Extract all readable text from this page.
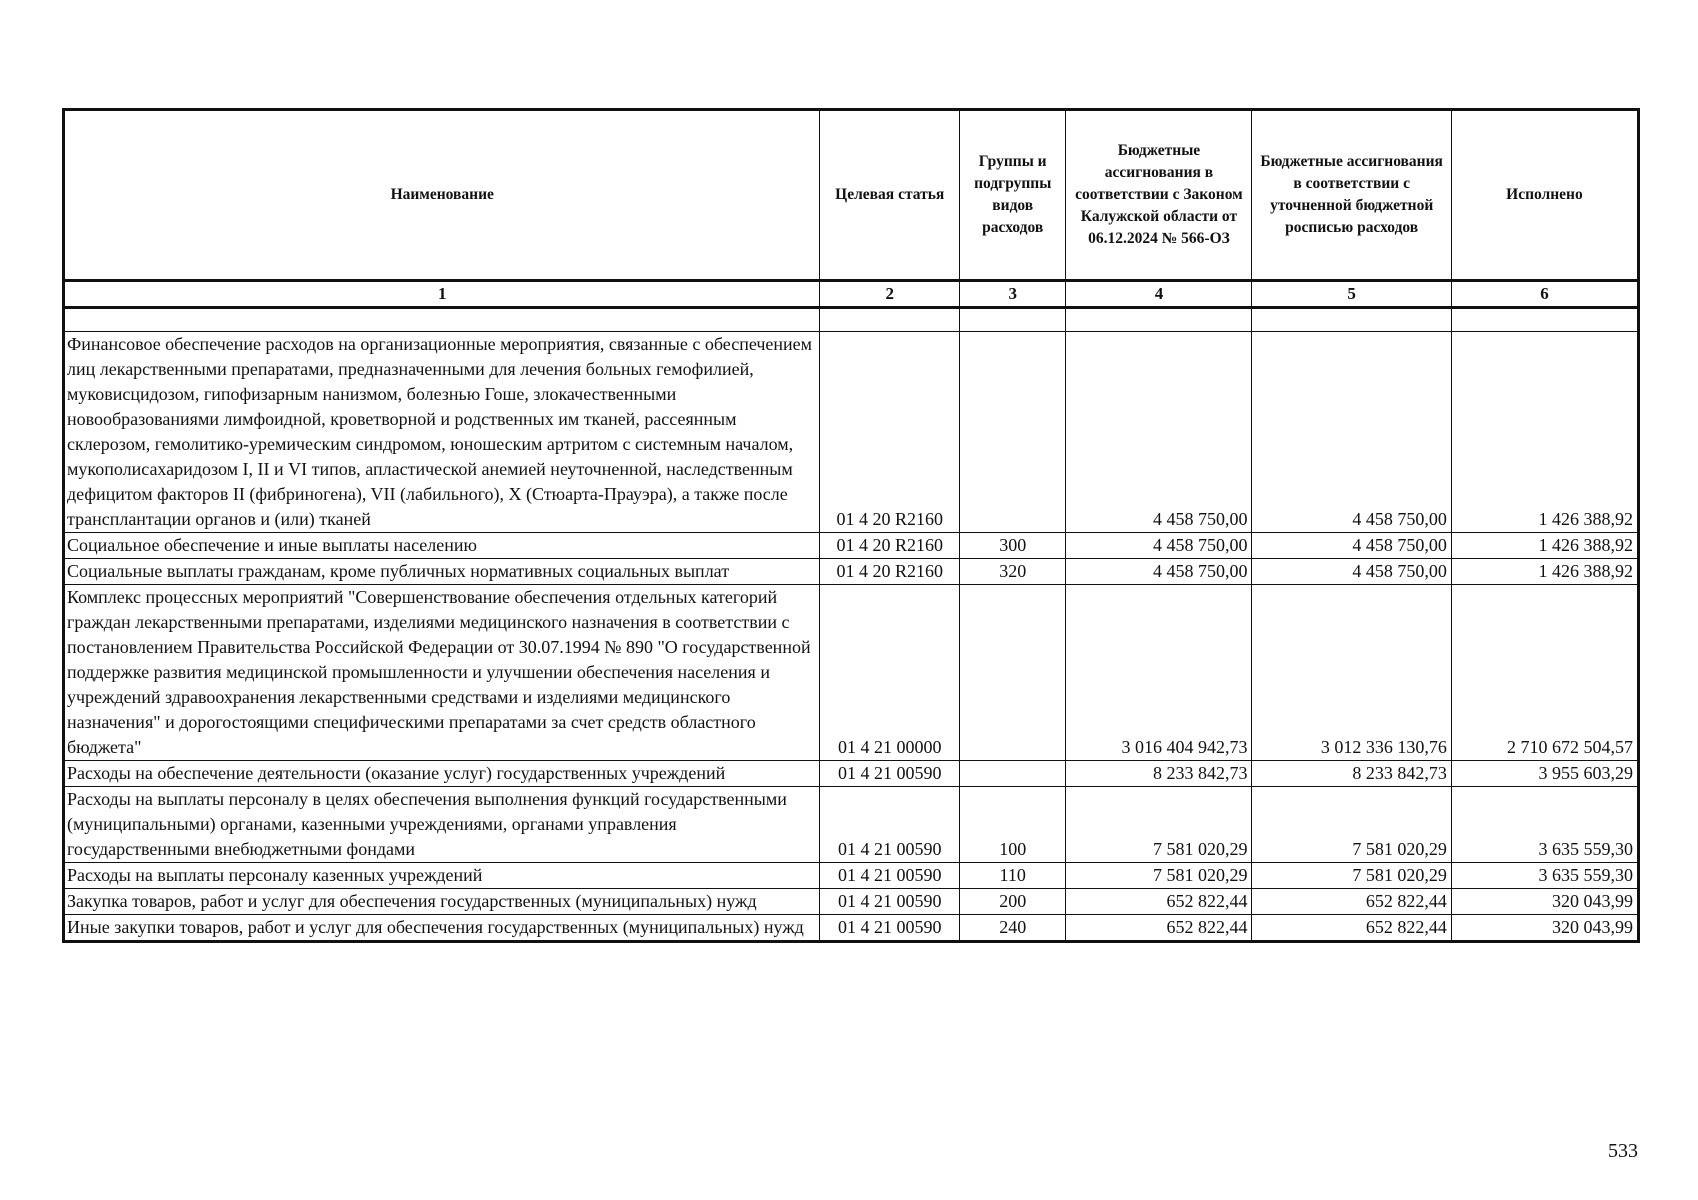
Наименование	Целевая статья	Группы и подгруппы видов расходов	Бюджетные ассигнования в соответствии с Законом Калужской области от 06.12.2024 № 566-ОЗ	Бюджетные ассигнования в соответствии с уточненной бюджетной росписью расходов	Исполнено
1	2	3	4	5	6

Финансовое обеспечение расходов на организационные мероприятия, связанные с обеспечением лиц лекарственными препаратами, предназначенными для лечения больных гемофилией, муковисцидозом, гипофизарным нанизмом, болезнью Гоше, злокачественными новообразованиями лимфоидной, кроветворной и родственных им тканей, рассеянным склерозом, гемолитико-уремическим синдромом, юношеским артритом с системным началом, мукополисахаридозом I, II и VI типов, апластической анемией неуточненной, наследственным дефицитом факторов II (фибриногена), VII (лабильного), X (Стюарта-Прауэра), а также после трансплантации органов и (или) тканей	01 4 20 R2160		4 458 750,00	4 458 750,00	1 426 388,92
Социальное обеспечение и иные выплаты населению	01 4 20 R2160	300	4 458 750,00	4 458 750,00	1 426 388,92
Социальные выплаты гражданам, кроме публичных нормативных социальных выплат	01 4 20 R2160	320	4 458 750,00	4 458 750,00	1 426 388,92
Комплекс процессных мероприятий "Совершенствование обеспечения отдельных категорий граждан лекарственными препаратами, изделиями медицинского назначения в соответствии с постановлением Правительства Российской Федерации от 30.07.1994 № 890 "О государственной поддержке развития медицинской промышленности и улучшении обеспечения населения и учреждений здравоохранения лекарственными средствами и изделиями медицинского назначения" и дорогостоящими специфическими препаратами за счет средств областного бюджета"	01 4 21 00000		3 016 404 942,73	3 012 336 130,76	2 710 672 504,57
Расходы на обеспечение деятельности (оказание услуг) государственных учреждений	01 4 21 00590		8 233 842,73	8 233 842,73	3 955 603,29
Расходы на выплаты персоналу в целях обеспечения выполнения функций государственными (муниципальными) органами, казенными учреждениями, органами управления государственными внебюджетными фондами	01 4 21 00590	100	7 581 020,29	7 581 020,29	3 635 559,30
Расходы на выплаты персоналу казенных учреждений	01 4 21 00590	110	7 581 020,29	7 581 020,29	3 635 559,30
Закупка товаров, работ и услуг для обеспечения государственных (муниципальных) нужд	01 4 21 00590	200	652 822,44	652 822,44	320 043,99
Иные закупки товаров, работ и услуг для обеспечения государственных (муниципальных) нужд	01 4 21 00590	240	652 822,44	652 822,44	320 043,99
533
